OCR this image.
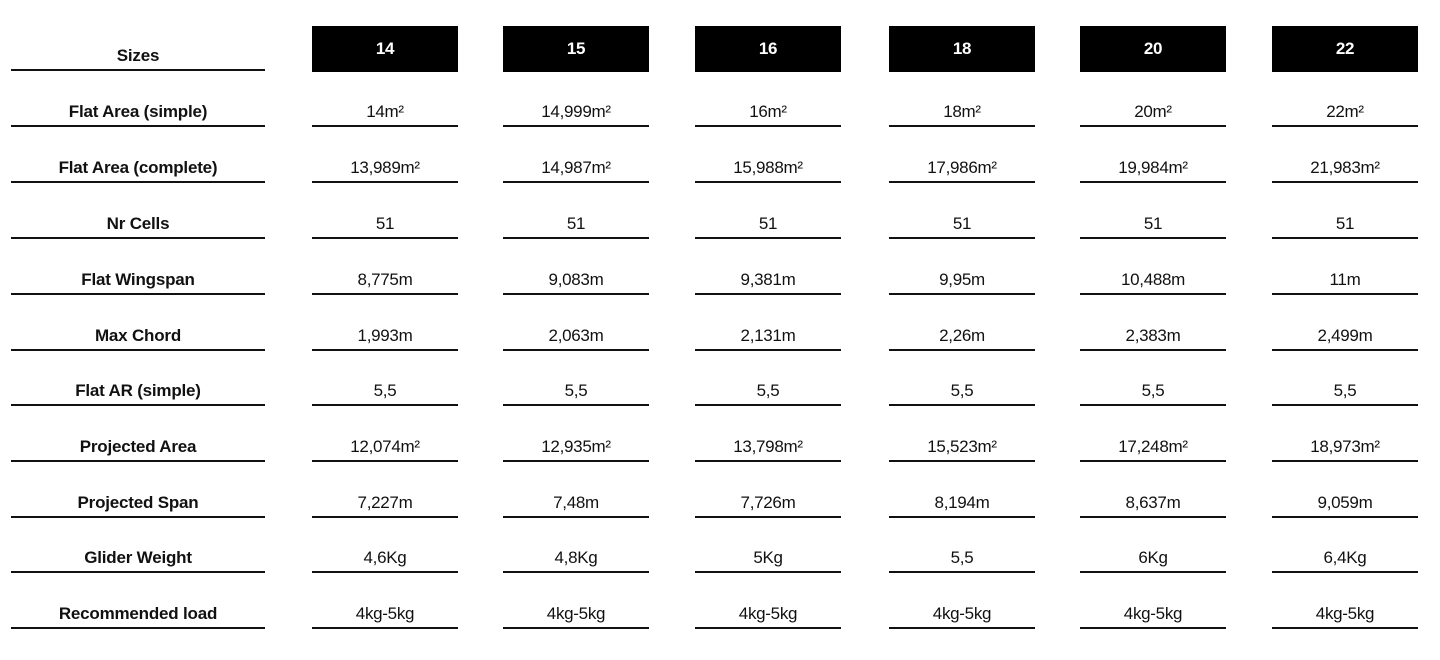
Sizes	14	15	16	18	20	22
Flat Area (simple)	14m²	14,999m²	16m²	18m²	20m²	22m²
Flat Area (complete)	13,989m²	14,987m²	15,988m²	17,986m²	19,984m²	21,983m²
Nr Cells	51	51	51	51	51	51
Flat Wingspan	8,775m	9,083m	9,381m	9,95m	10,488m	11m
Max Chord	1,993m	2,063m	2,131m	2,26m	2,383m	2,499m
Flat AR (simple)	5,5	5,5	5,5	5,5	5,5	5,5
Projected Area	12,074m²	12,935m²	13,798m²	15,523m²	17,248m²	18,973m²
Projected Span	7,227m	7,48m	7,726m	8,194m	8,637m	9,059m
Glider Weight	4,6Kg	4,8Kg	5Kg	5,5	6Kg	6,4Kg
Recommended load	4kg-5kg	4kg-5kg	4kg-5kg	4kg-5kg	4kg-5kg	4kg-5kg
